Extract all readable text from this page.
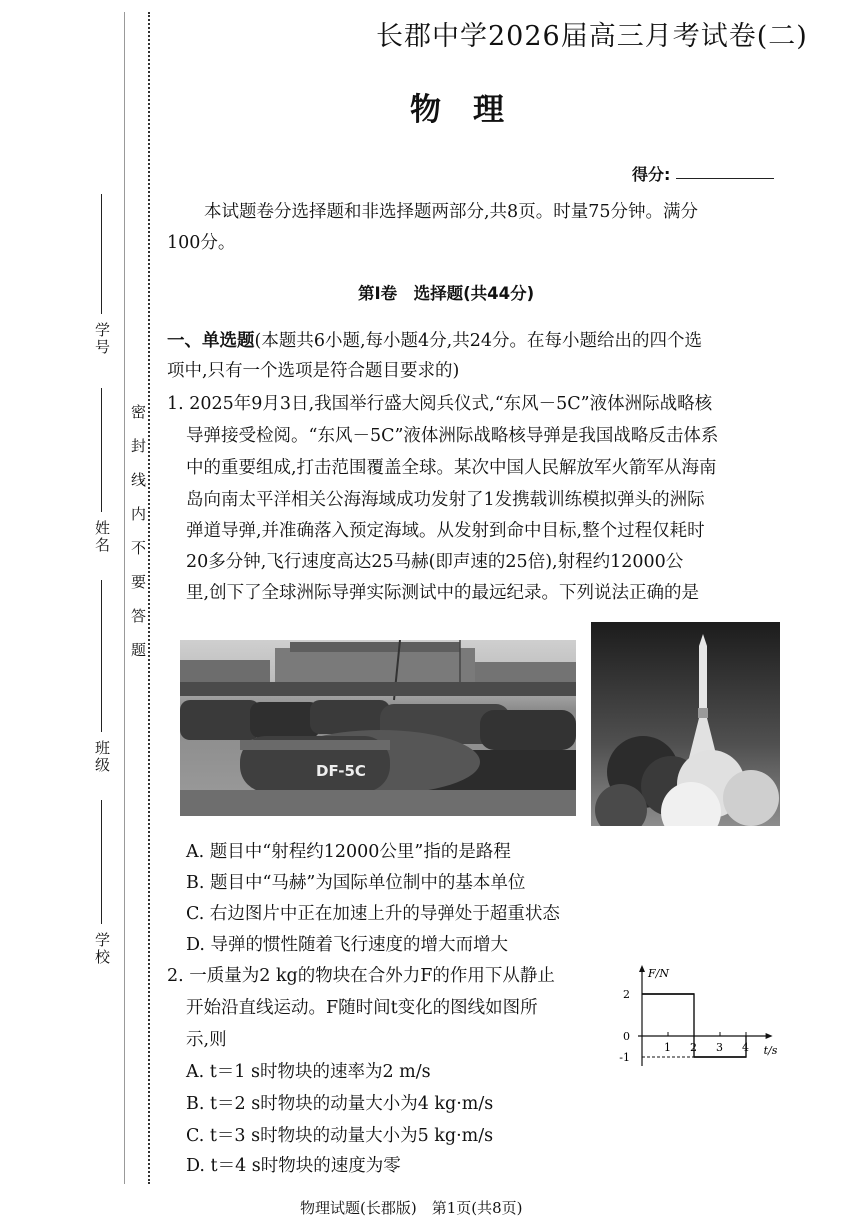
学号
姓名
班级
学校
密封线内不要答题
长郡中学2026届高三月考试卷(二)
物理
得分:

本试题卷分选择题和非选择题两部分,共8页。时量75分钟。满分

100分。

第Ⅰ卷　选择题(共44分)

一、单选题(本题共6小题,每小题4分,共24分。在每小题给出的四个选

项中,只有一个选项是符合题目要求的)

1. 2025年9月3日,我国举行盛大阅兵仪式,“东风－5C”液体洲际战略核

导弹接受检阅。“东风－5C”液体洲际战略核导弹是我国战略反击体系

中的重要组成,打击范围覆盖全球。某次中国人民解放军火箭军从海南

岛向南太平洋相关公海海域成功发射了1发携载训练模拟弹头的洲际

弹道导弹,并准确落入预定海域。从发射到命中目标,整个过程仅耗时

20多分钟,飞行速度高达25马赫(即声速的25倍),射程约12000公

里,创下了全球洲际导弹实际测试中的最远纪录。下列说法正确的是

DF-5C

A. 题目中“射程约12000公里”指的是路程

B. 题目中“马赫”为国际单位制中的基本单位

C. 右边图片中正在加速上升的导弹处于超重状态

D. 导弹的惯性随着飞行速度的增大而增大

2. 一质量为2 kg的物块在合外力F的作用下从静止

开始沿直线运动。F随时间t变化的图线如图所

示,则

A. t＝1 s时物块的速率为2 m/s

B. t＝2 s时物块的动量大小为4 kg·m/s

C. t＝3 s时物块的动量大小为5 kg·m/s

D. t＝4 s时物块的速度为零

F/N
t/s
2
0
-1
1 2 3 4
物理试题(长郡版)　第1页(共8页)
